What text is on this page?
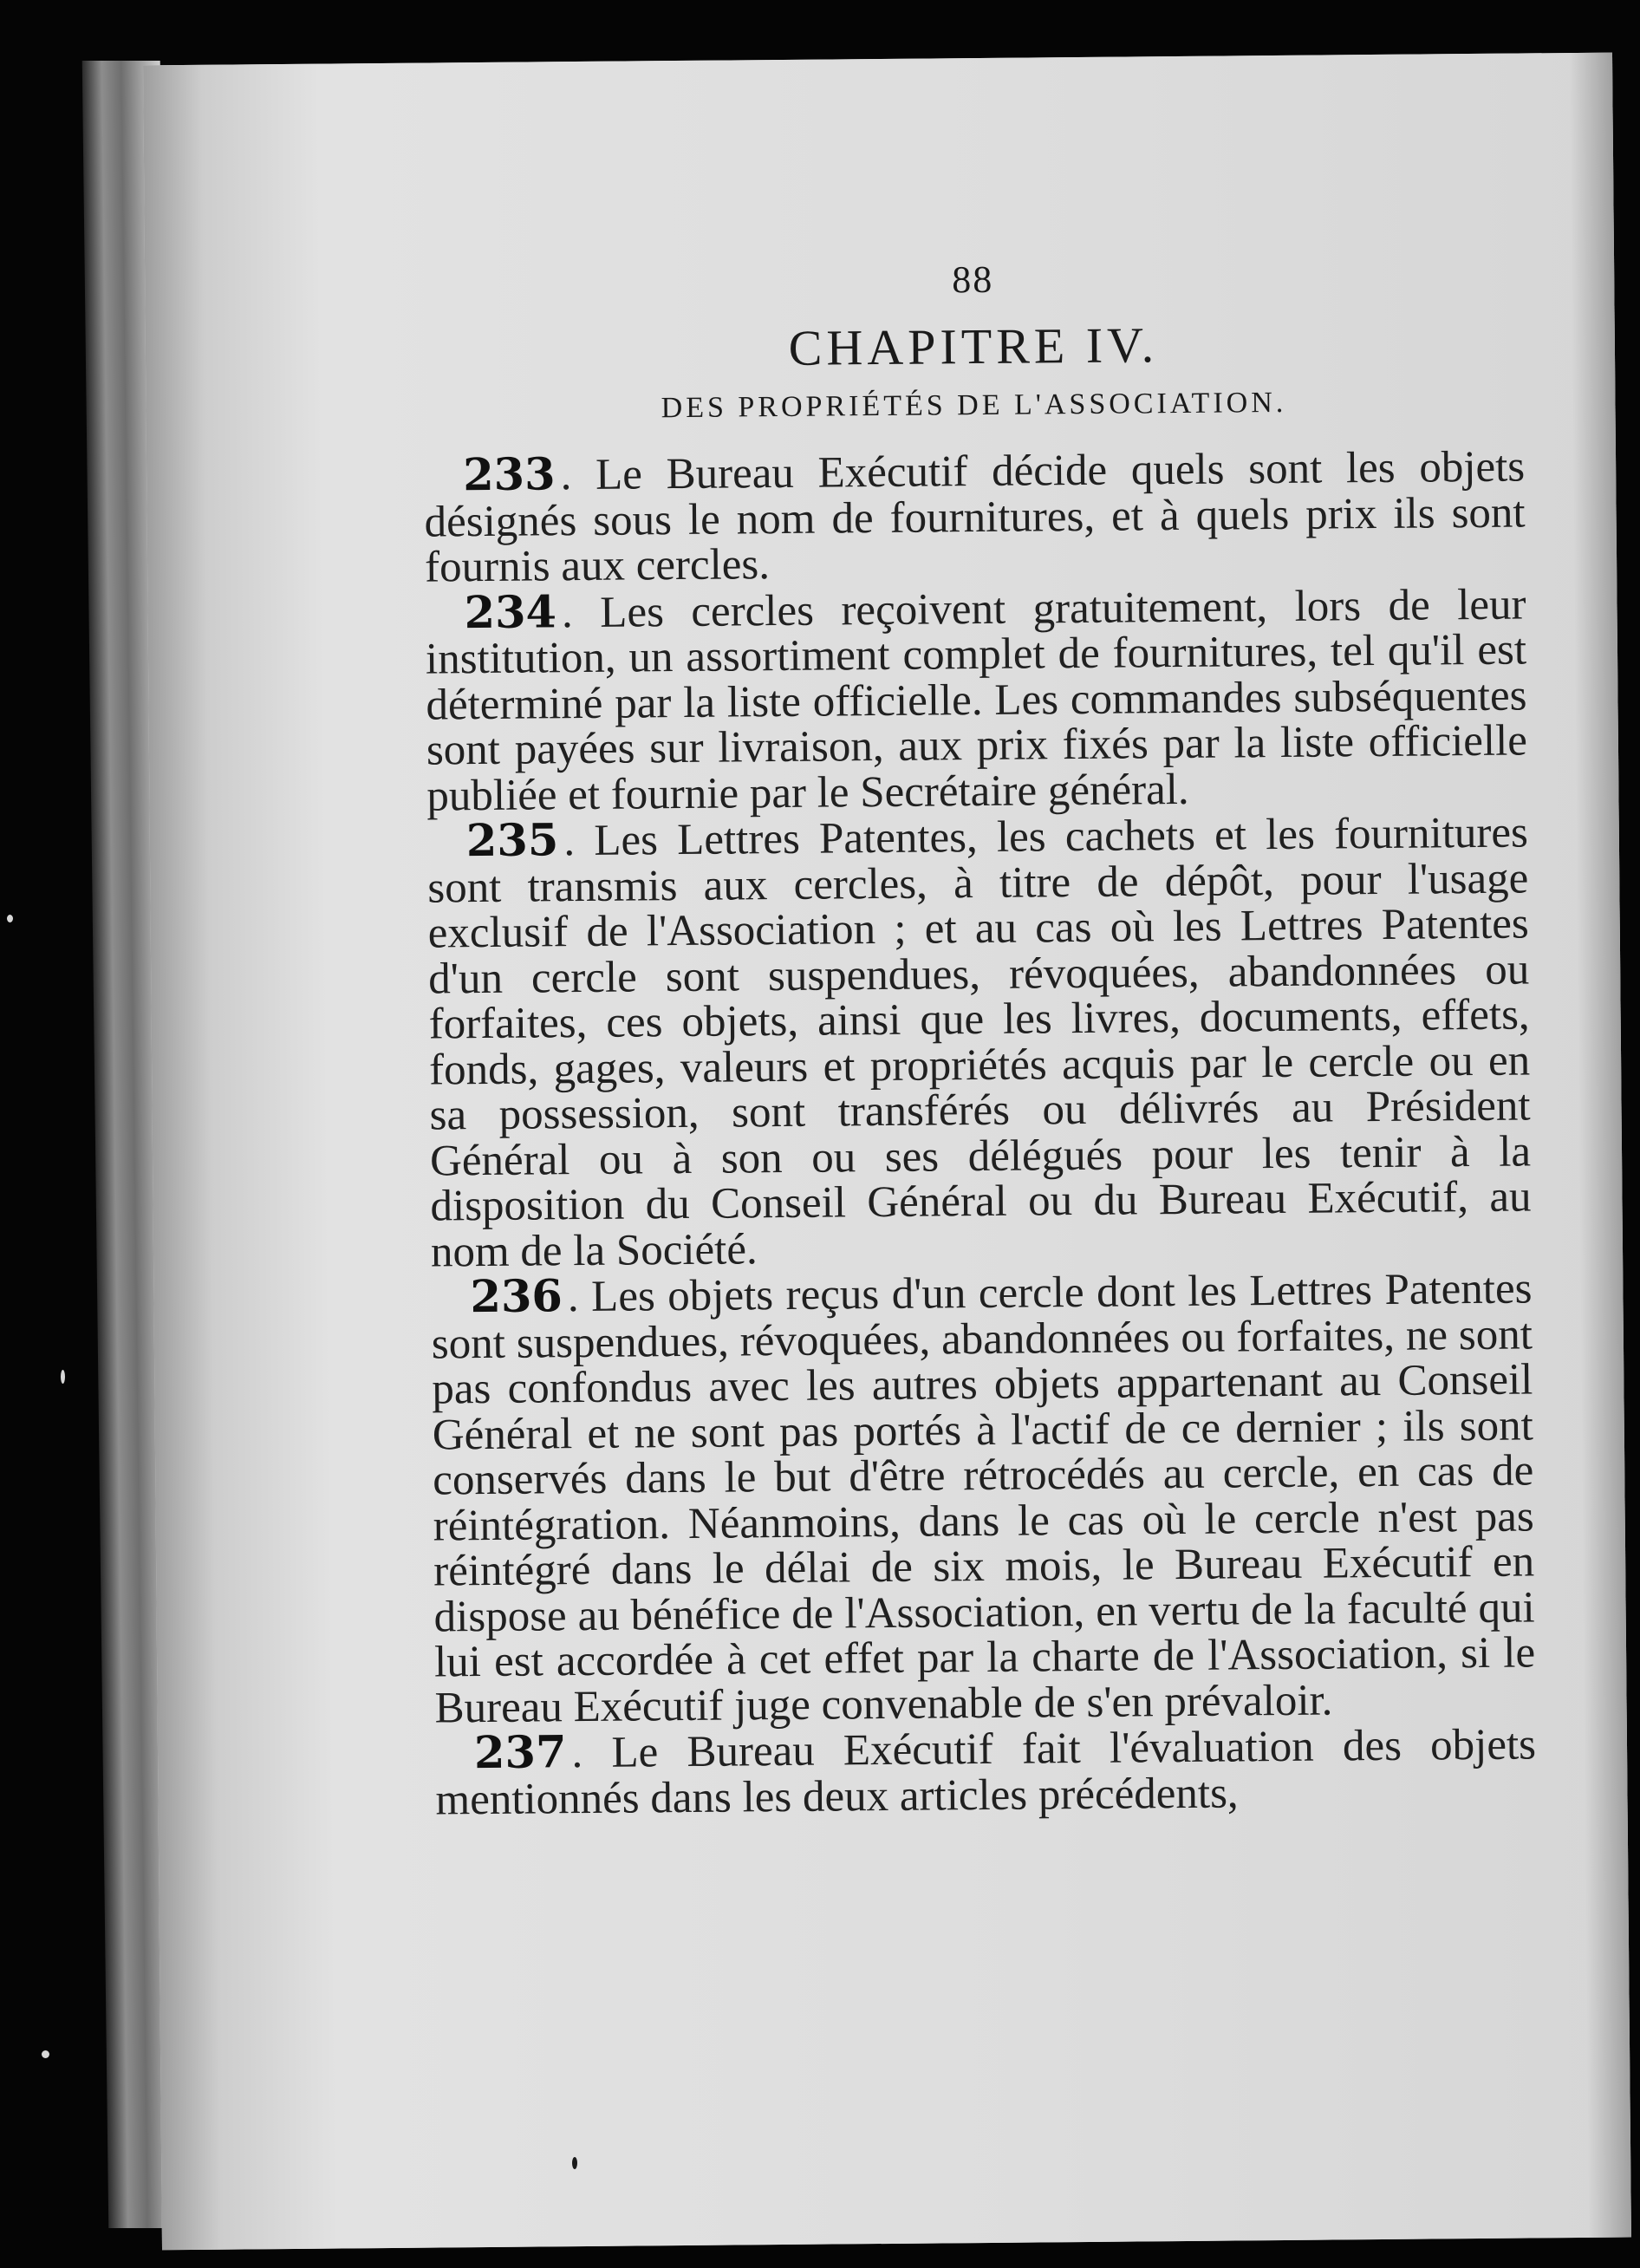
88
CHAPITRE IV.
DES PROPRIÉTÉS DE L'ASSOCIATION.

233 . Le Bureau Exécutif décide quels sont les objets désignés sous le nom de fournitures, et à quels prix ils sont fournis aux cercles.

234 . Les cercles reçoivent gratuitement, lors de leur institution, un assortiment complet de fournitures, tel qu'il est déterminé par la liste officielle. Les commandes subséquentes sont payées sur livraison, aux prix fixés par la liste officielle publiée et fournie par le Secrétaire général.

235 . Les Lettres Patentes, les cachets et les fournitures sont transmis aux cercles, à titre de dépôt, pour l'usage exclusif de l'Association ; et au cas où les Lettres Patentes d'un cercle sont suspendues, révoquées, abandonnées ou forfaites, ces objets, ainsi que les livres, documents, effets, fonds, gages, valeurs et propriétés acquis par le cercle ou en sa possession, sont transférés ou délivrés au Président Général ou à son ou ses délégués pour les tenir à la disposition du Conseil Général ou du Bureau Exécutif, au nom de la Société.

236 . Les objets reçus d'un cercle dont les Lettres Patentes sont suspendues, révoquées, abandonnées ou forfaites, ne sont pas confondus avec les autres objets appartenant au Conseil Général et ne sont pas portés à l'actif de ce dernier ; ils sont conservés dans le but d'être rétrocédés au cercle, en cas de réintégration. Néanmoins, dans le cas où le cercle n'est pas réintégré dans le délai de six mois, le Bureau Exécutif en dispose au bénéfice de l'Association, en vertu de la faculté qui lui est accordée à cet effet par la charte de l'Association, si le Bureau Exécutif juge convenable de s'en prévaloir.

237 . Le Bureau Exécutif fait l'évaluation des objets mentionnés dans les deux articles précédents,
